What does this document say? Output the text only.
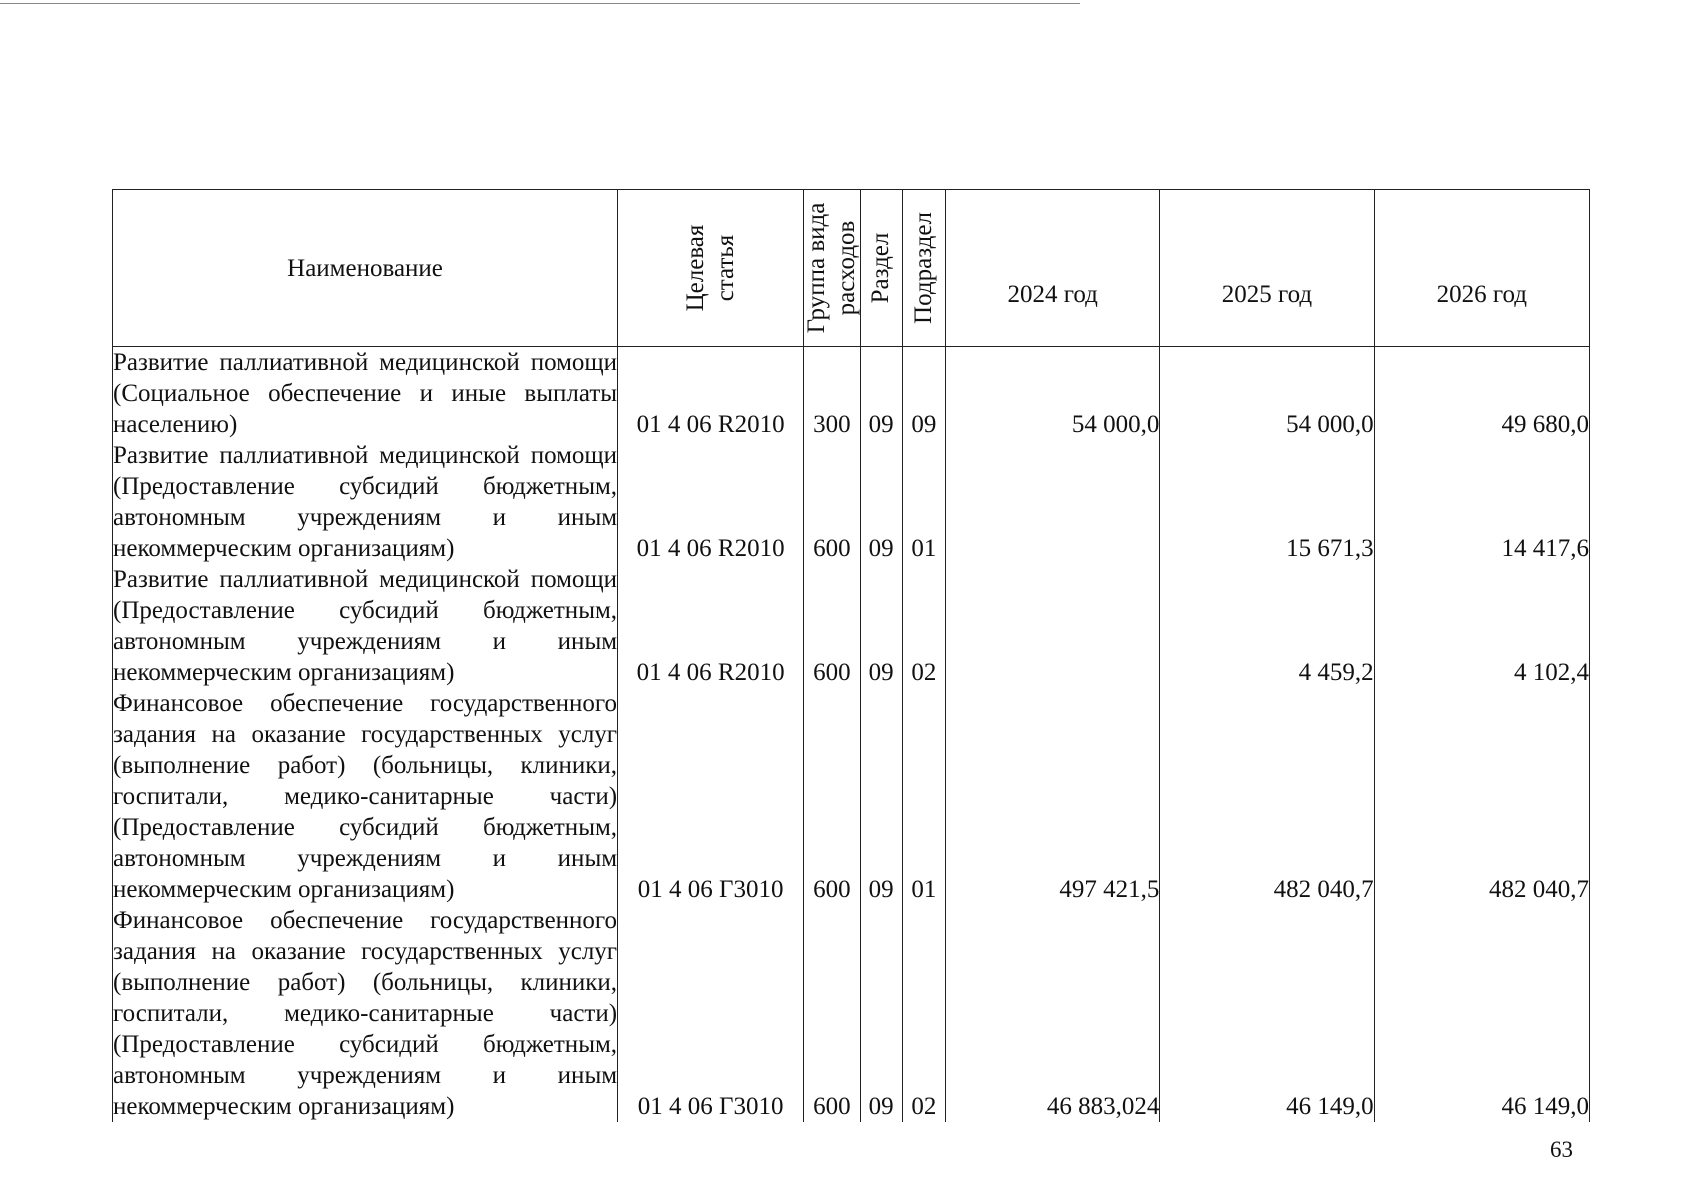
Наименование	Целевая статья	Группа вида расходов	Раздел	Подраздел	2024 год	2025 год	2026 год

Развитие паллиативной медицинской помощи (Социальное обеспечение и иные выплаты населению)	01 4 06 R2010	300	09	09	54 000,0	54 000,0	49 680,0
Развитие паллиативной медицинской помощи (Предоставление субсидий бюджетным, автономным учреждениям и иным некоммерческим организациям)	01 4 06 R2010	600	09	01		15 671,3	14 417,6
Развитие паллиативной медицинской помощи (Предоставление субсидий бюджетным, автономным учреждениям и иным некоммерческим организациям)	01 4 06 R2010	600	09	02		4 459,2	4 102,4
Финансовое обеспечение государственного задания на оказание государственных услуг (выполнение работ) (больницы, клиники, госпитали, медико-санитарные части) (Предоставление субсидий бюджетным, автономным учреждениям и иным некоммерческим организациям)	01 4 06 Г3010	600	09	01	497 421,5	482 040,7	482 040,7
Финансовое обеспечение государственного задания на оказание государственных услуг (выполнение работ) (больницы, клиники, госпитали, медико-санитарные части) (Предоставление субсидий бюджетным, автономным учреждениям и иным некоммерческим организациям)	01 4 06 Г3010	600	09	02	46 883,024	46 149,0	46 149,0
63
